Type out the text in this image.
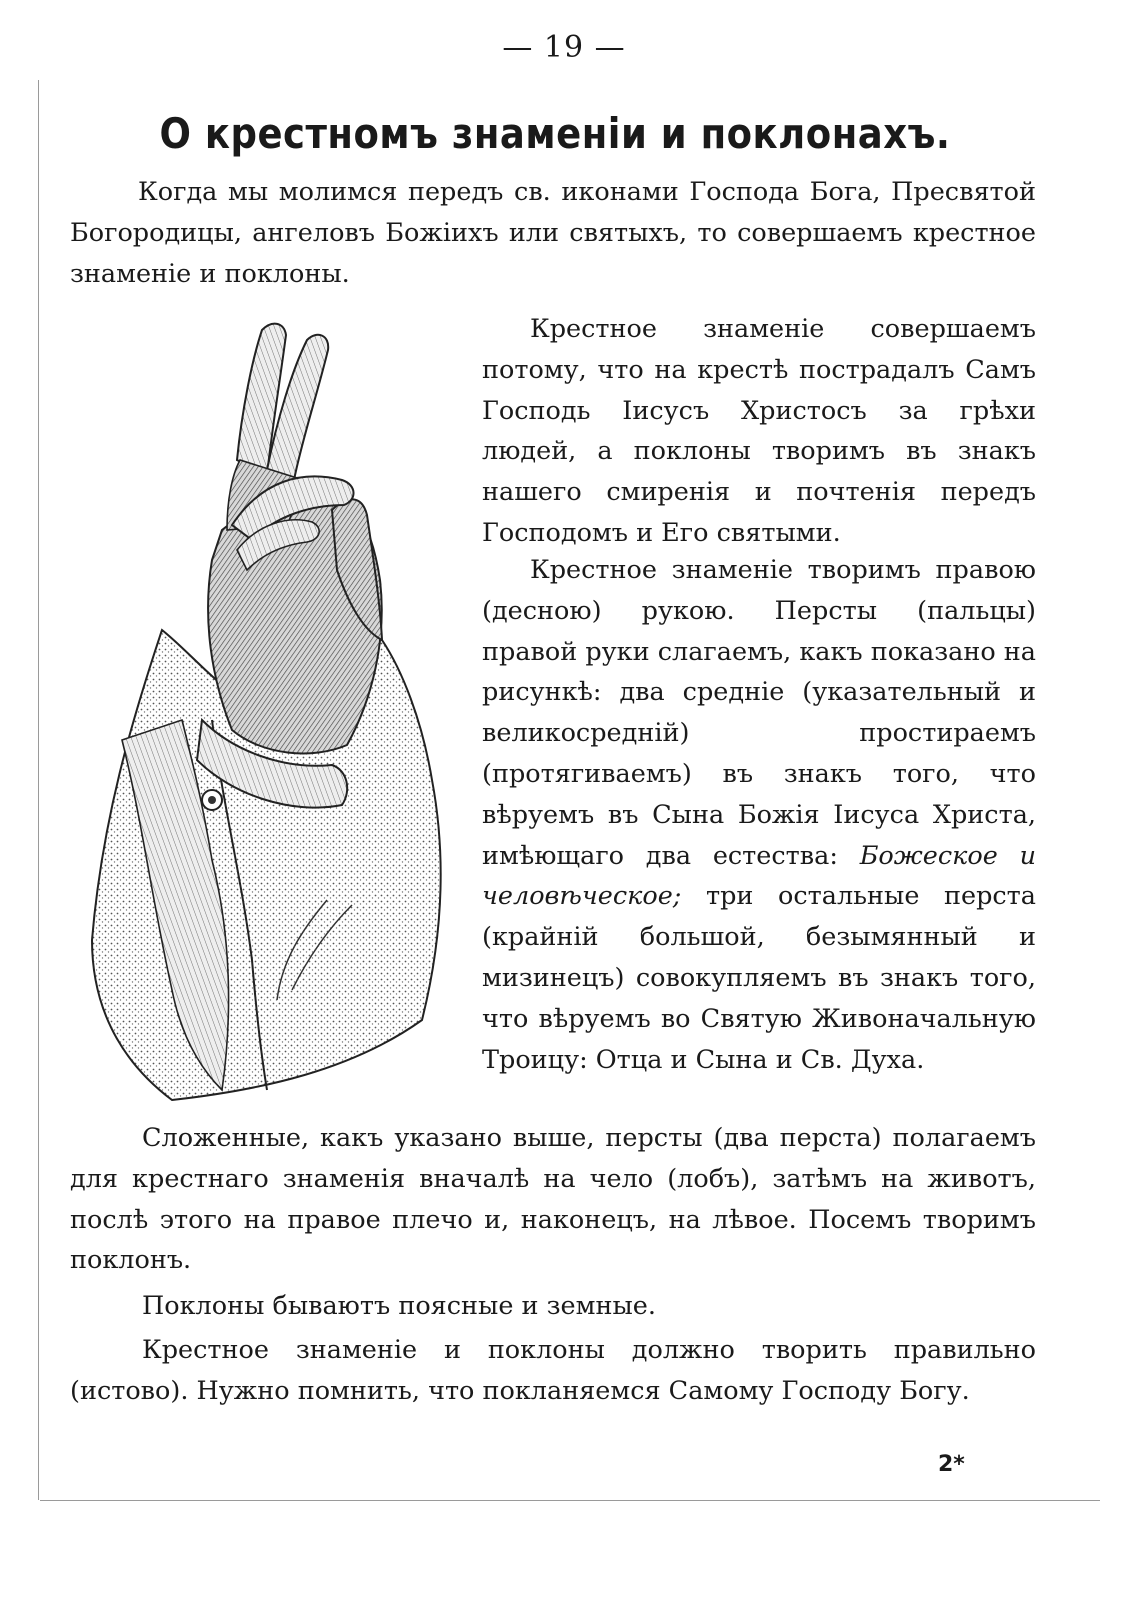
— 19 —
О крестномъ знаменіи и поклонахъ.

Когда мы молимся передъ св. иконами Господа Бога, Пресвятой Богородицы, ангеловъ Божіихъ или святыхъ, то совершаемъ крестное знаменіе и поклоны.

Крестное знаменіе совершаемъ потому, что на крестѣ пострадалъ Самъ Господь Іисусъ Христосъ за грѣхи людей, а поклоны творимъ въ знакъ нашего смиренія и почтенія передъ Господомъ и Его святыми.

Крестное знаменіе творимъ правою (десною) рукою. Персты (пальцы) правой руки слагаемъ, какъ показано на рисункѣ: два средніе (указательный и великосредній) простираемъ (протягиваемъ) въ знакъ того, что вѣруемъ въ Сына Божія Іисуса Христа, имѣющаго два естества: Божеское и человѣческое; три остальные перста (крайній большой, безымянный и мизинецъ) совокупляемъ въ знакъ того, что вѣруемъ во Святую Живоначальную Троицу: Отца и Сына и Св. Духа.

Сложенные, какъ указано выше, персты (два перста) полагаемъ для крестнаго знаменія вначалѣ на чело (лобъ), затѣмъ на животъ, послѣ этого на правое плечо и, наконецъ, на лѣвое. Посемъ творимъ поклонъ.

Поклоны бываютъ поясные и земные.

Крестное знаменіе и поклоны должно творить правильно (истово). Нужно помнить, что покланяемся Самому Господу Богу.

2*
